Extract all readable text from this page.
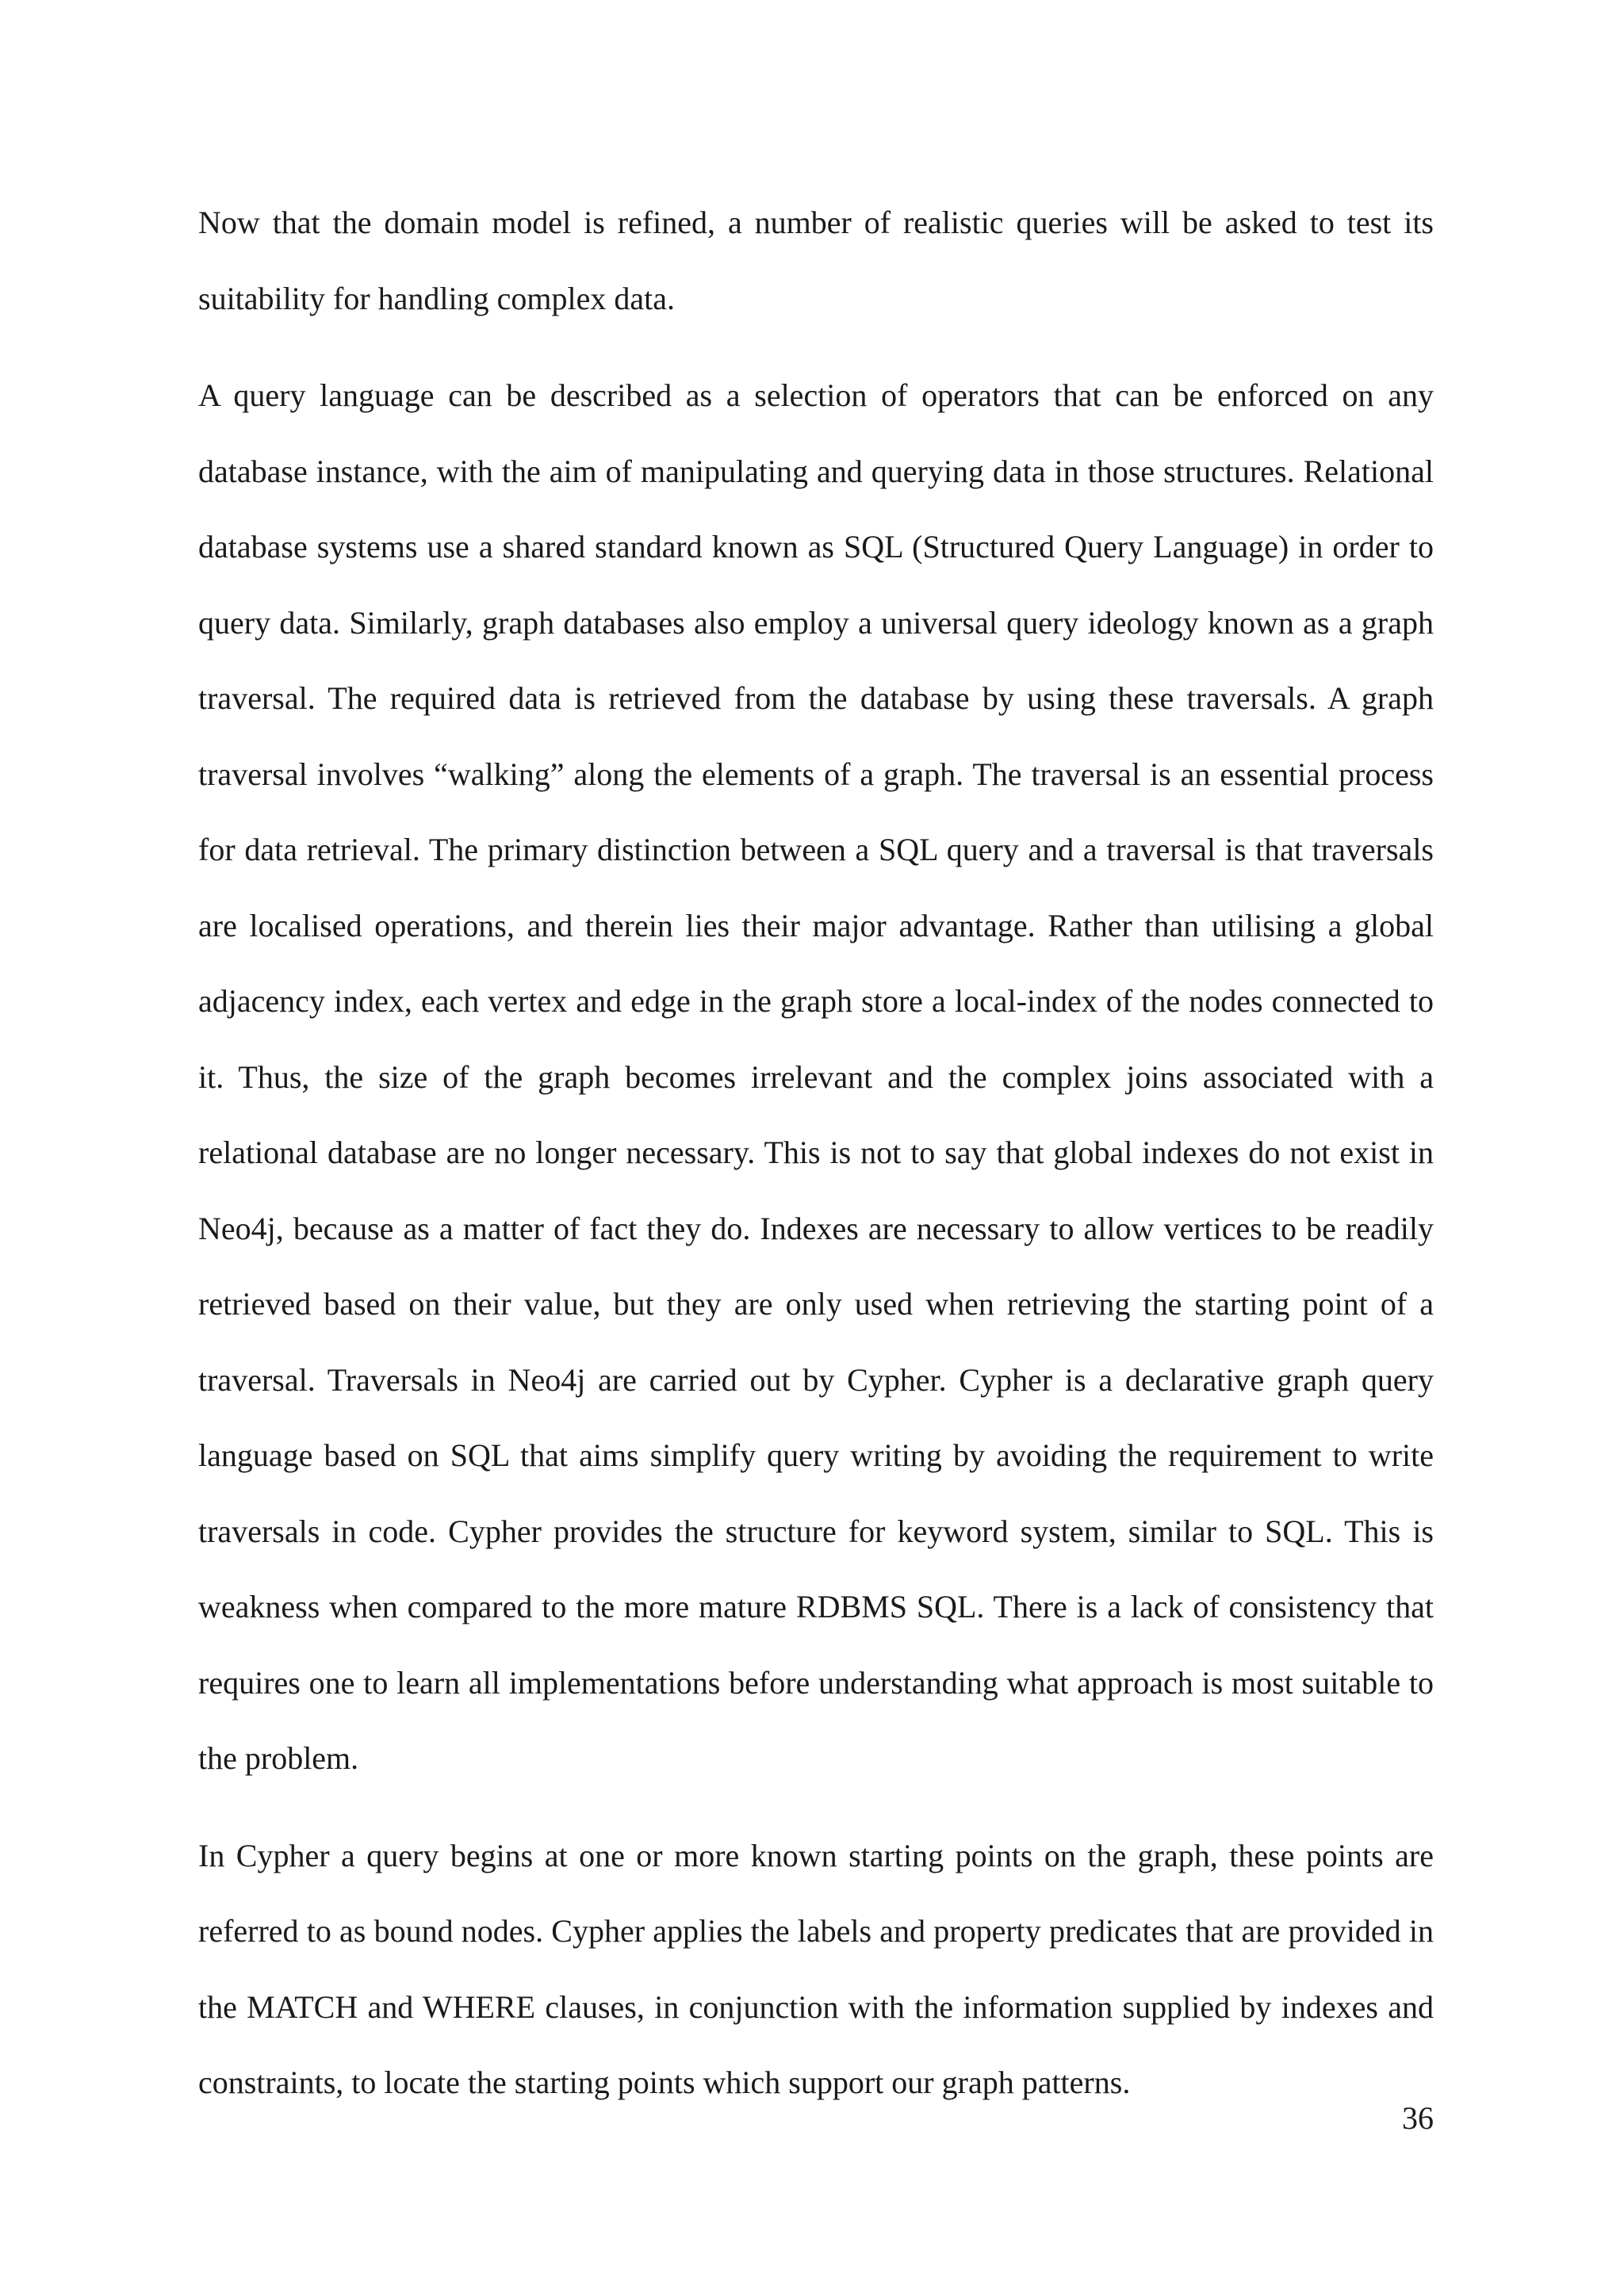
Now that the domain model is refined, a number of realistic queries will be asked to test its suitability for handling complex data.

A query language can be described as a selection of operators that can be enforced on any database instance, with the aim of manipulating and querying data in those structures. Relational database systems use a shared standard known as SQL (Structured Query Language) in order to query data. Similarly, graph databases also employ a universal query ideology known as a graph traversal. The required data is retrieved from the database by using these traversals. A graph traversal involves “walking” along the elements of a graph. The traversal is an essential process for data retrieval. The primary distinction between a SQL query and a traversal is that traversals are localised operations, and therein lies their major advantage. Rather than utilising a global adjacency index, each vertex and edge in the graph store a local-index of the nodes connected to it. Thus, the size of the graph becomes irrelevant and the complex joins associated with a relational database are no longer necessary. This is not to say that global indexes do not exist in Neo4j, because as a matter of fact they do. Indexes are necessary to allow vertices to be readily retrieved based on their value, but they are only used when retrieving the starting point of a traversal. Traversals in Neo4j are carried out by Cypher. Cypher is a declarative graph query language based on SQL that aims simplify query writing by avoiding the requirement to write traversals in code. Cypher provides the structure for keyword system, similar to SQL. This is weakness when compared to the more mature RDBMS SQL. There is a lack of consistency that requires one to learn all implementations before understanding what approach is most suitable to the problem.

In Cypher a query begins at one or more known starting points on the graph, these points are referred to as bound nodes. Cypher applies the labels and property predicates that are provided in the MATCH and WHERE clauses, in conjunction with the information supplied by indexes and constraints, to locate the starting points which support our graph patterns.

36
